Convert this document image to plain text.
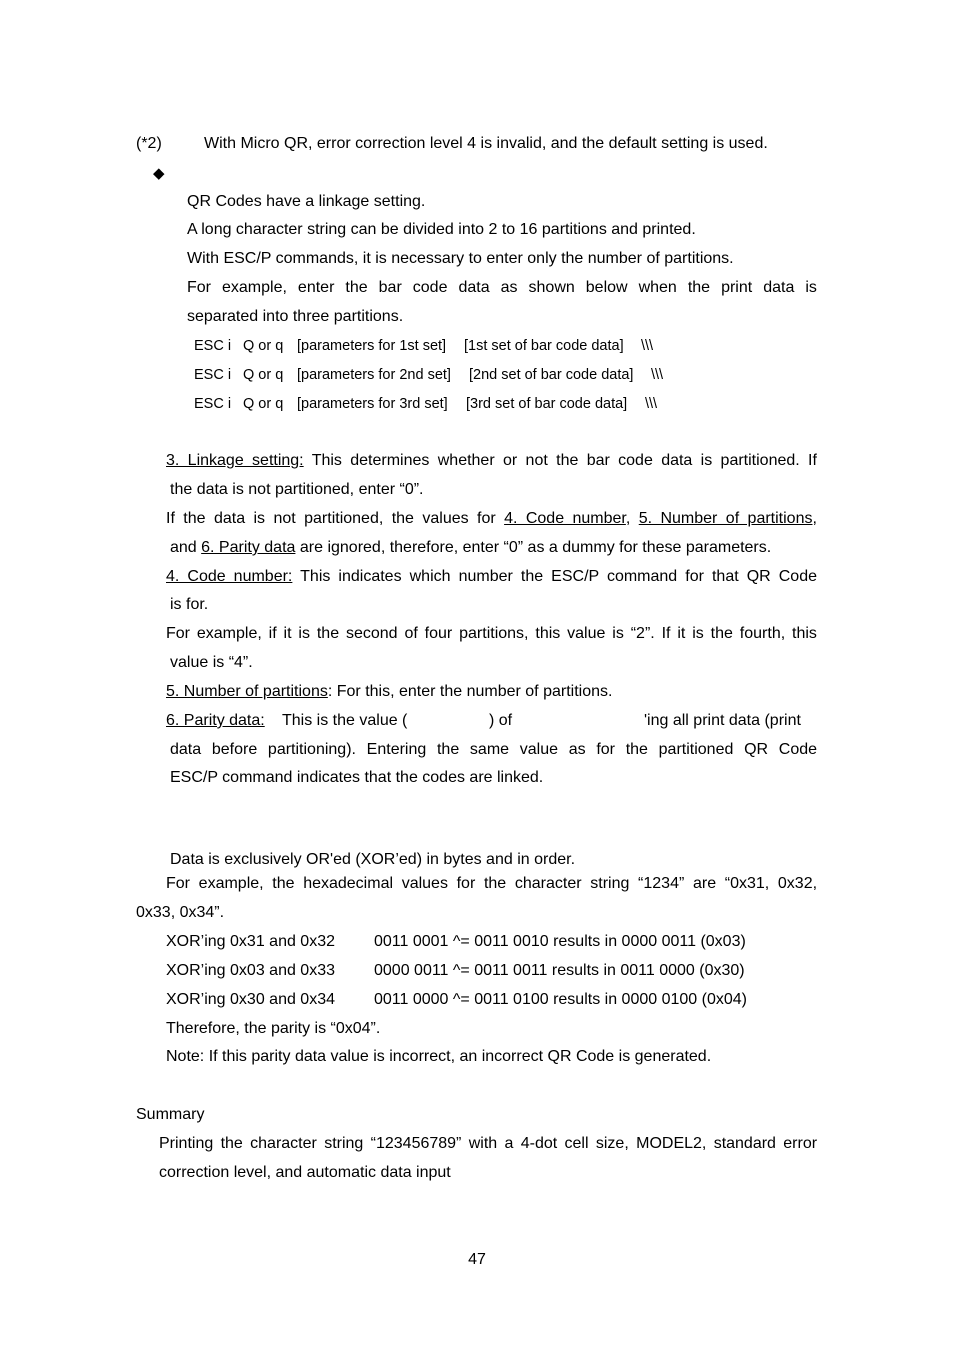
(*2)	With Micro QR, error correction level 4 is invalid, and the default setting is used.
◆
QR Codes have a linkage setting.
A long character string can be divided into 2 to 16 partitions and printed.
With ESC/P commands, it is necessary to enter only the number of partitions.
For example, enter the bar code data as shown below when the print data is
separated into three partitions.
ESC i Q or q [parameters for 1st set] [1st set of bar code data] \\\
ESC i Q or q [parameters for 2nd set] [2nd set of bar code data] \\\
ESC i Q or q [parameters for 3rd set] [3rd set of bar code data] \\\
3. Linkage setting: This determines whether or not the bar code data is partitioned. If
the data is not partitioned, enter “0”.
If the data is not partitioned, the values for 4. Code number, 5. Number of partitions,
and 6. Parity data are ignored, therefore, enter “0” as a dummy for these parameters.
4. Code number: This indicates which number the ESC/P command for that QR Code
is for.
For example, if it is the second of four partitions, this value is “2”. If it is the fourth, this
value is “4”.
5. Number of partitions: For this, enter the number of partitions.
6. Parity data: This is the value (	) of	'ing all print data (print
data before partitioning). Entering the same value as for the partitioned QR Code
ESC/P command indicates that the codes are linked.
Data is exclusively OR'ed (XOR’ed) in bytes and in order.
For example, the hexadecimal values for the character string “1234” are “0x31, 0x32,
0x33, 0x34”.
XOR’ing 0x31 and 0x32 0011 0001 ^= 0011 0010 results in 0000 0011 (0x03)
XOR’ing 0x03 and 0x33 0000 0011 ^= 0011 0011 results in 0011 0000 (0x30)
XOR’ing 0x30 and 0x34 0011 0000 ^= 0011 0100 results in 0000 0100 (0x04)
Therefore, the parity is “0x04”.
Note: If this parity data value is incorrect, an incorrect QR Code is generated.
Summary
Printing the character string “123456789” with a 4-dot cell size, MODEL2, standard error
correction level, and automatic data input
47
